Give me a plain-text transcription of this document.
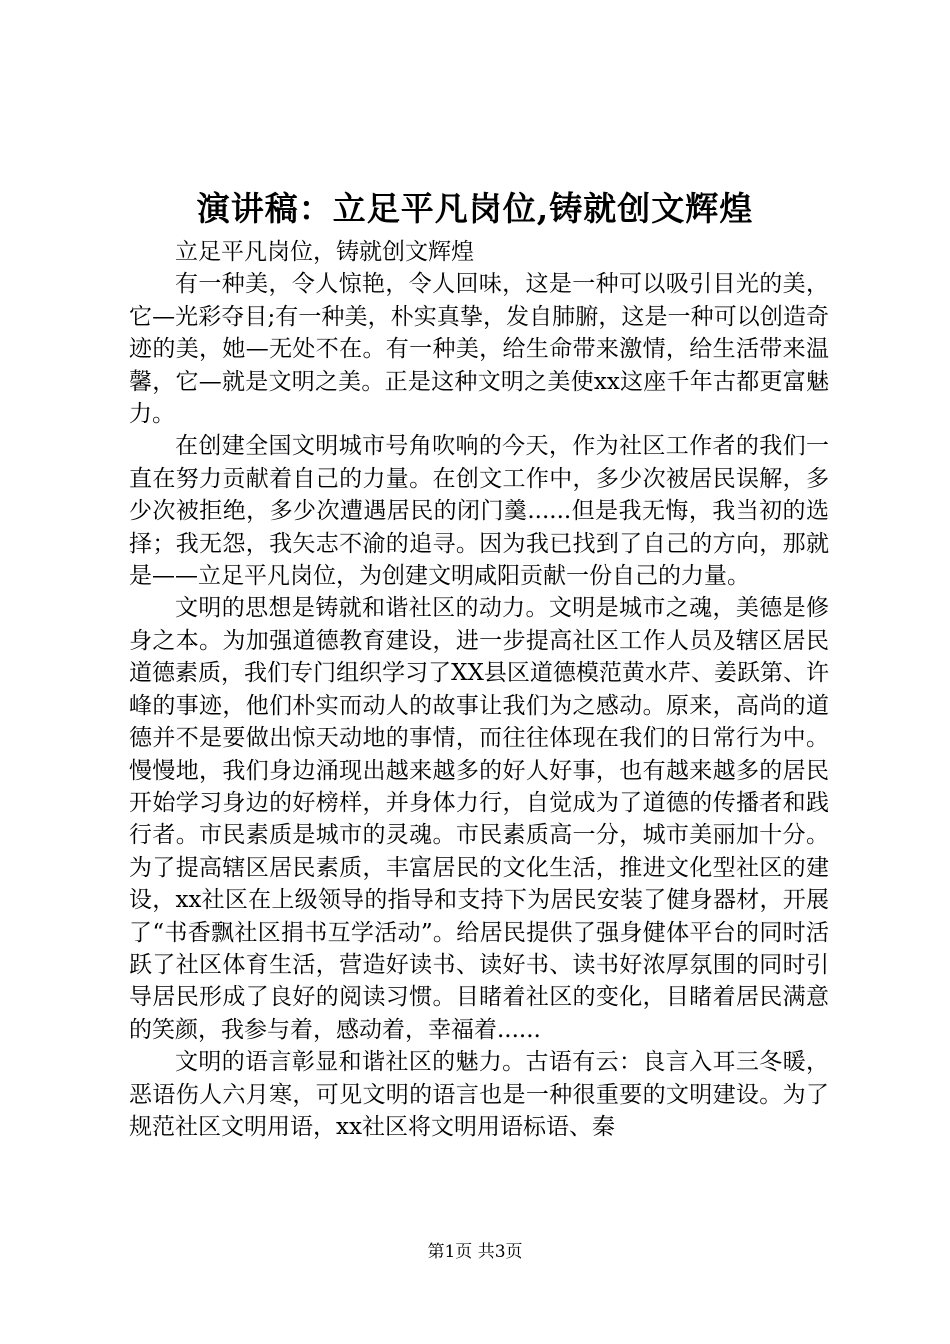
演讲稿：立足平凡岗位,铸就创文辉煌

立足平凡岗位，铸就创文辉煌

有一种美，令人惊艳，令人回味，这是一种可以吸引目光的美，它—光彩夺目;有一种美，朴实真挚，发自肺腑，这是一种可以创造奇迹的美，她—无处不在。有一种美，给生命带来激情，给生活带来温馨，它—就是文明之美。正是这种文明之美使xx这座千年古都更富魅力。

在创建全国文明城市号角吹响的今天，作为社区工作者的我们一直在努力贡献着自己的力量。在创文工作中，多少次被居民误解，多少次被拒绝，多少次遭遇居民的闭门羹......但是我无悔，我当初的选择；我无怨，我矢志不渝的追寻。因为我已找到了自己的方向，那就是——立足平凡岗位，为创建文明咸阳贡献一份自己的力量。

文明的思想是铸就和谐社区的动力。文明是城市之魂，美德是修身之本。为加强道德教育建设，进一步提高社区工作人员及辖区居民道德素质，我们专门组织学习了XX县区道德模范黄水芹、姜跃第、许峰的事迹，他们朴实而动人的故事让我们为之感动。原来，高尚的道德并不是要做出惊天动地的事情，而往往体现在我们的日常行为中。慢慢地，我们身边涌现出越来越多的好人好事，也有越来越多的居民开始学习身边的好榜样，并身体力行，自觉成为了道德的传播者和践行者。市民素质是城市的灵魂。市民素质高一分，城市美丽加十分。为了提高辖区居民素质，丰富居民的文化生活，推进文化型社区的建设，xx社区在上级领导的指导和支持下为居民安装了健身器材，开展了“书香飘社区捐书互学活动”。给居民提供了强身健体平台的同时活跃了社区体育生活，营造好读书、读好书、读书好浓厚氛围的同时引导居民形成了良好的阅读习惯。目睹着社区的变化，目睹着居民满意的笑颜，我参与着，感动着，幸福着......

文明的语言彰显和谐社区的魅力。古语有云：良言入耳三冬暖，恶语伤人六月寒，可见文明的语言也是一种很重要的文明建设。为了规范社区文明用语，xx社区将文明用语标语、秦

第1页 共3页
